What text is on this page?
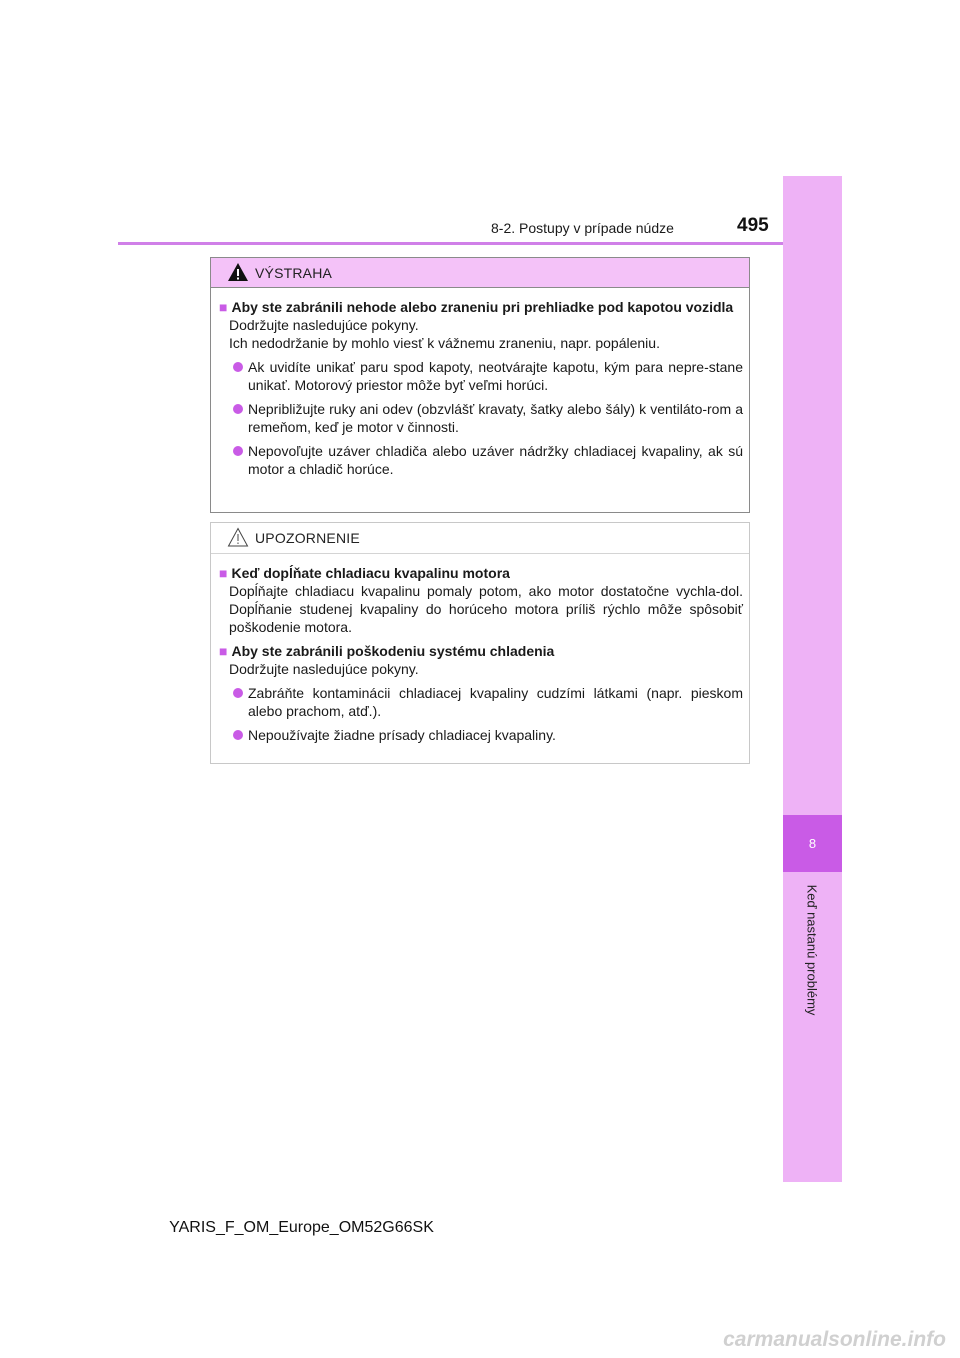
8-2. Postupy v prípade núdze	495
8
Keď nastanú problémy
VÝSTRAHA
■ Aby ste zabránili nehode alebo zraneniu pri prehliadke pod kapotou vozidla
Dodržujte nasledujúce pokyny.
Ich nedodržanie by mohlo viesť k vážnemu zraneniu, napr. popáleniu.
Ak uvidíte unikať paru spod kapoty, neotvárajte kapotu, kým para nepre-stane unikať. Motorový priestor môže byť veľmi horúci.
Nepribližujte ruky ani odev (obzvlášť kravaty, šatky alebo šály) k ventiláto-rom a remeňom, keď je motor v činnosti.
Nepovoľujte uzáver chladiča alebo uzáver nádržky chladiacej kvapaliny, ak sú motor a chladič horúce.
UPOZORNENIE
■ Keď dopĺňate chladiacu kvapalinu motora
Dopĺňajte chladiacu kvapalinu pomaly potom, ako motor dostatočne vychla-dol. Dopĺňanie studenej kvapaliny do horúceho motora príliš rýchlo môže spôsobiť poškodenie motora.
■ Aby ste zabránili poškodeniu systému chladenia
Dodržujte nasledujúce pokyny.
Zabráňte kontaminácii chladiacej kvapaliny cudzími látkami (napr. pieskom alebo prachom, atď.).
Nepoužívajte žiadne prísady chladiacej kvapaliny.
YARIS_F_OM_Europe_OM52G66SK
carmanualsonline.info
